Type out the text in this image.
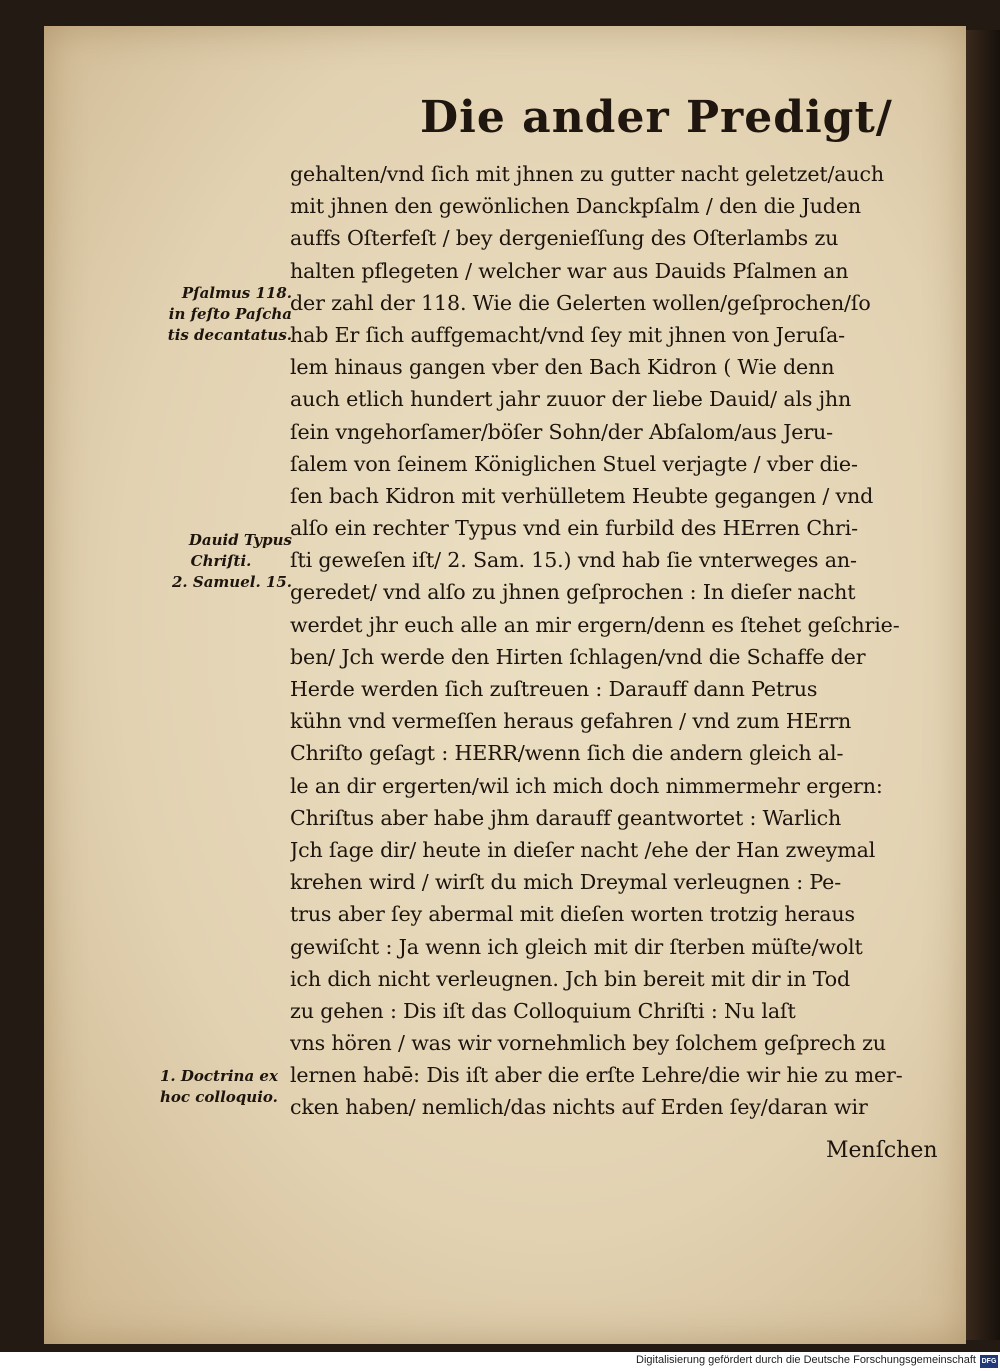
Die ander Predigt/
gehalten/vnd ſich mit jhnen zu gutter nacht geletzet/auch
mit jhnen den gewönlichen Danckpſalm / den die Juden
auffs Oſterfeſt / bey dergenieſſung des Oſterlambs zu
halten pflegeten / welcher war aus Dauids Pſalmen an
der zahl der 118. Wie die Gelerten wollen/geſprochen/ſo
hab Er ſich auffgemacht/vnd ſey mit jhnen von Jeruſa-
lem hinaus gangen vber den Bach Kidron ( Wie denn
auch etlich hundert jahr zuuor der liebe Dauid/ als jhn
ſein vngehorſamer/böſer Sohn/der Abſalom/aus Jeru-
ſalem von ſeinem Königlichen Stuel verjagte / vber die-
ſen bach Kidron mit verhülletem Heubte gegangen / vnd
alſo ein rechter Typus vnd ein furbild des HErren Chri-
ſti geweſen iſt/ 2. Sam. 15.) vnd hab ſie vnterweges an-
geredet/ vnd alſo zu jhnen geſprochen : In dieſer nacht
werdet jhr euch alle an mir ergern/denn es ſtehet geſchrie-
ben/ Jch werde den Hirten ſchlagen/vnd die Schaffe der
Herde werden ſich zuſtreuen : Darauff dann Petrus
kühn vnd vermeſſen heraus gefahren / vnd zum HErrn
Chriſto geſagt : HERR/wenn ſich die andern gleich al-
le an dir ergerten/wil ich mich doch nimmermehr ergern:
Chriſtus aber habe jhm darauff geantwortet : Warlich
Jch ſage dir/ heute in dieſer nacht /ehe der Han zweymal
krehen wird / wirſt du mich Dreymal verleugnen : Pe-
trus aber ſey abermal mit dieſen worten trotzig heraus
gewiſcht : Ja wenn ich gleich mit dir ſterben müſte/wolt
ich dich nicht verleugnen. Jch bin bereit mit dir in Tod
zu gehen : Dis iſt das Colloquium Chriſti : Nu laſt
vns hören / was wir vornehmlich bey ſolchem geſprech zu
lernen habē: Dis iſt aber die erſte Lehre/die wir hie zu mer-
cken haben/ nemlich/das nichts auf Erden ſey/daran wir
Pſalmus 118.
in feſto Paſcha
tis decantatus.
Dauid Typus
Chriſti.
2. Samuel. 15.
1. Doctrina ex
hoc colloquio.
Menſchen
Digitalisierung gefördert durch die Deutsche Forschungsgemeinschaft DFG
